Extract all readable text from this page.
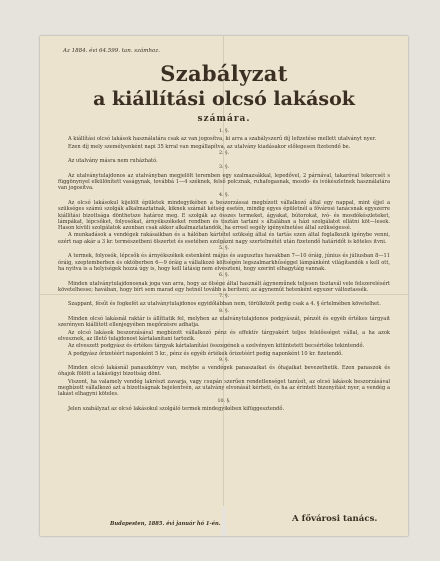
Az 1884. évi 64.599. tan. számhoz.
Szabályzat
a kiállítási olcsó lakások
számára.
1. §.
A kiállítási olcsó lakások használatára csak az van jogosítva, ki arra a szabályszerű díj lefizetése mellett utalványt nyer.
Ezen díj mely személyenként napi 35 krral van megállapítva, az utalvány kiadásakor előlegesen fizetendő be.
2. §.
Az utalvány másra nem ruházható.
3. §.
Az utalványtulajdonos az utalványban megjelölt teremben egy szalmazsákkal, lepedővel, 2 párnával, takaróval tekercsét s függönynyel elkülönített vaságynak, továbbá 1—4 széknek, felső polcznak, ruhafogasnak, mosdó- és ivókészletnek használatára van jogosítva.
4. §.
Az olcsó lakásokul kijelölt épületek mindegyikében a beszorzássai megbízott vállalkozó által egy nappal, mint éjjel a szükséges számú szolgák alkalmaztatnak, kiknek számát kétség esetén, mindig egyes épületnél a fővárosi tanácsnak egyszerre kiállítási bizottsága dönthetsze határoz meg. E szolgák az összes termeket, ágyakat, bútorokat, ivó- és mosdókészleteket, lámpákat, lépcsőket, folyosókat, árnyékszékeket rendben és tisztán tartani s általában a házi szolgálatot ellátni köt—lesek. Hason kívüli szolgálatok azonban csak akkor alkalmaztatandók, ha erreel segély igényelnetése által szükségessé.
A munkadások a vendégek rakásaikban és a hálóban kártétel szükség által és tartás ezen által foglalkozik igénybe venni, ezért nap akár a 3 kr. természetbeni ölszertet és esetében szolgázni nagy szertelmétét után fizetendő határidőt is köteles itvni.
5. §.
A termek, folyosók, lépcsők és árnyékszékek estenként május és augusztus havakban 7—10 óráig, június és júliusban 8—11 óráig, szeptemberben és októberben 6—9 óráig a vállalkozó költségén legszalmarkhűséggel lámpánként világítandók s kell ott, ha nyitva is a helyiségek hozzá úgy is, hogy kell látásig nem elveszteni, hogy szerint elhagytáig vannak.
6. §.
Minden utalványtulajdonosnak joga van arra, hogy az ölsége által használt ágyneműnek teljesen tisztavál vele felszerelésért követelhesse; havában, hogy bírt sem marad egy hetnél tovább a beríteni; az ágyneműt hetenként egyszer változtassék.
7. §.
Szappant, fésűt és fogkefét az utalványtulajdonos egyidőlábban nem, törülközőt pedig csak a 4. § értelmében követelhet.
8. §.
Minden olcsó lakásnál raktár is állíttatik fel, melyben az utalványtulajdonos podgyászát, pénzét és egyéb értékes tárgyait szerényen kiállított ellenjegyében megőrzésre adhatja.
Az olcsó lakások beszorzásával megbízott vállalkozó pénz és effektív tárgyakért teljes felelősséget vállal, a ha azok elvesznek, az illető tulajdonost kártalanítani tartozik.
Az elveszett podgyász és értékes tárgyak kártalanítási összegének a szelvényen kitüntetett becsértéke tekintendő.
A podgyász őrizetéért naponként 5 kr., pénz és egyéb értékek őrizetéért pedig naponként 10 kr. fizetendő.
9. §.
Minden olcsó lakásnál panaszkönyv van, melybe a vendégek panaszaikat és óhajaikat bevezethetik. Ezen panaszok és óhajok fölött a lakásügyi bizottság dönt.
Viszont, ha valamely vendég lakrészt zavarja, vagy csupán szerűen rendetlenséget tanúsít, az olcsó lakások beszorzásával megbízott vállalkozó azt a bizottságnak bejelentvén, az utalvány elvonását kérheti, és ha az érintett bizonyítást nyer, a vendég a lakást elhagyni köteles.
10. §.
Jelen szabályzat az olcsó lakásokul szolgáló termek mindegyikében kifüggesztendő.
Budapesten, 1885. évi január hó 1-én.	A fővárosi tanács.
